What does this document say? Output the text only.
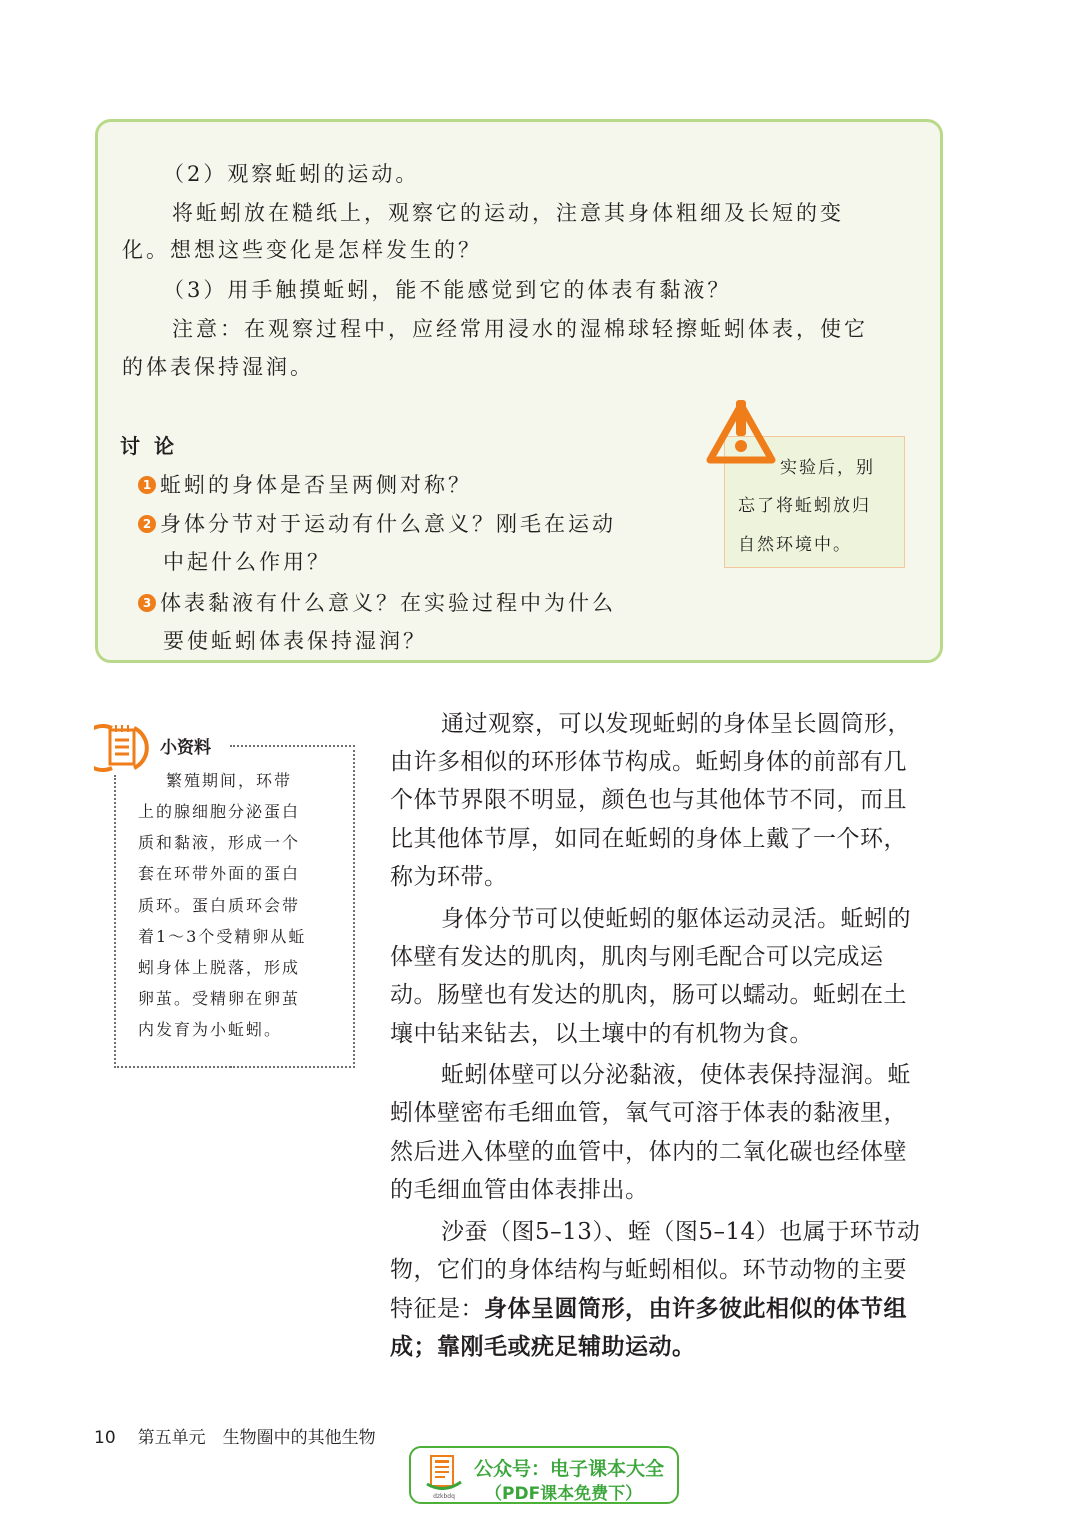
（2）观察蚯蚓的运动。
将蚯蚓放在糙纸上，观察它的运动，注意其身体粗细及长短的变
化。想想这些变化是怎样发生的？
（3）用手触摸蚯蚓，能不能感觉到它的体表有黏液？
注意：在观察过程中，应经常用浸水的湿棉球轻擦蚯蚓体表，使它
的体表保持湿润。
讨论
1 蚯蚓的身体是否呈两侧对称？
2 身体分节对于运动有什么意义？刚毛在运动
中起什么作用？
3 体表黏液有什么意义？在实验过程中为什么
要使蚯蚓体表保持湿润？
实验后，别
忘了将蚯蚓放归
自然环境中。
小资料
繁殖期间，环带
上的腺细胞分泌蛋白
质和黏液，形成一个
套在环带外面的蛋白
质环。蛋白质环会带
着1～3个受精卵从蚯
蚓身体上脱落，形成
卵茧。受精卵在卵茧
内发育为小蚯蚓。
通过观察，可以发现蚯蚓的身体呈长圆筒形，
由许多相似的环形体节构成。蚯蚓身体的前部有几
个体节界限不明显，颜色也与其他体节不同，而且
比其他体节厚，如同在蚯蚓的身体上戴了一个环，
称为环带。
身体分节可以使蚯蚓的躯体运动灵活。蚯蚓的
体壁有发达的肌肉，肌肉与刚毛配合可以完成运
动。肠壁也有发达的肌肉，肠可以蠕动。蚯蚓在土
壤中钻来钻去，以土壤中的有机物为食。
蚯蚓体壁可以分泌黏液，使体表保持湿润。蚯
蚓体壁密布毛细血管，氧气可溶于体表的黏液里，
然后进入体壁的血管中，体内的二氧化碳也经体壁
的毛细血管由体表排出。
沙蚕（图5–13）、蛭（图5–14）也属于环节动
物，它们的身体结构与蚯蚓相似。环节动物的主要
特征是：身体呈圆筒形，由许多彼此相似的体节组
成；靠刚毛或疣足辅助运动。
10 第五单元　生物圈中的其他生物
dzkbdq
公众号：电子课本大全
（PDF课本免费下）
